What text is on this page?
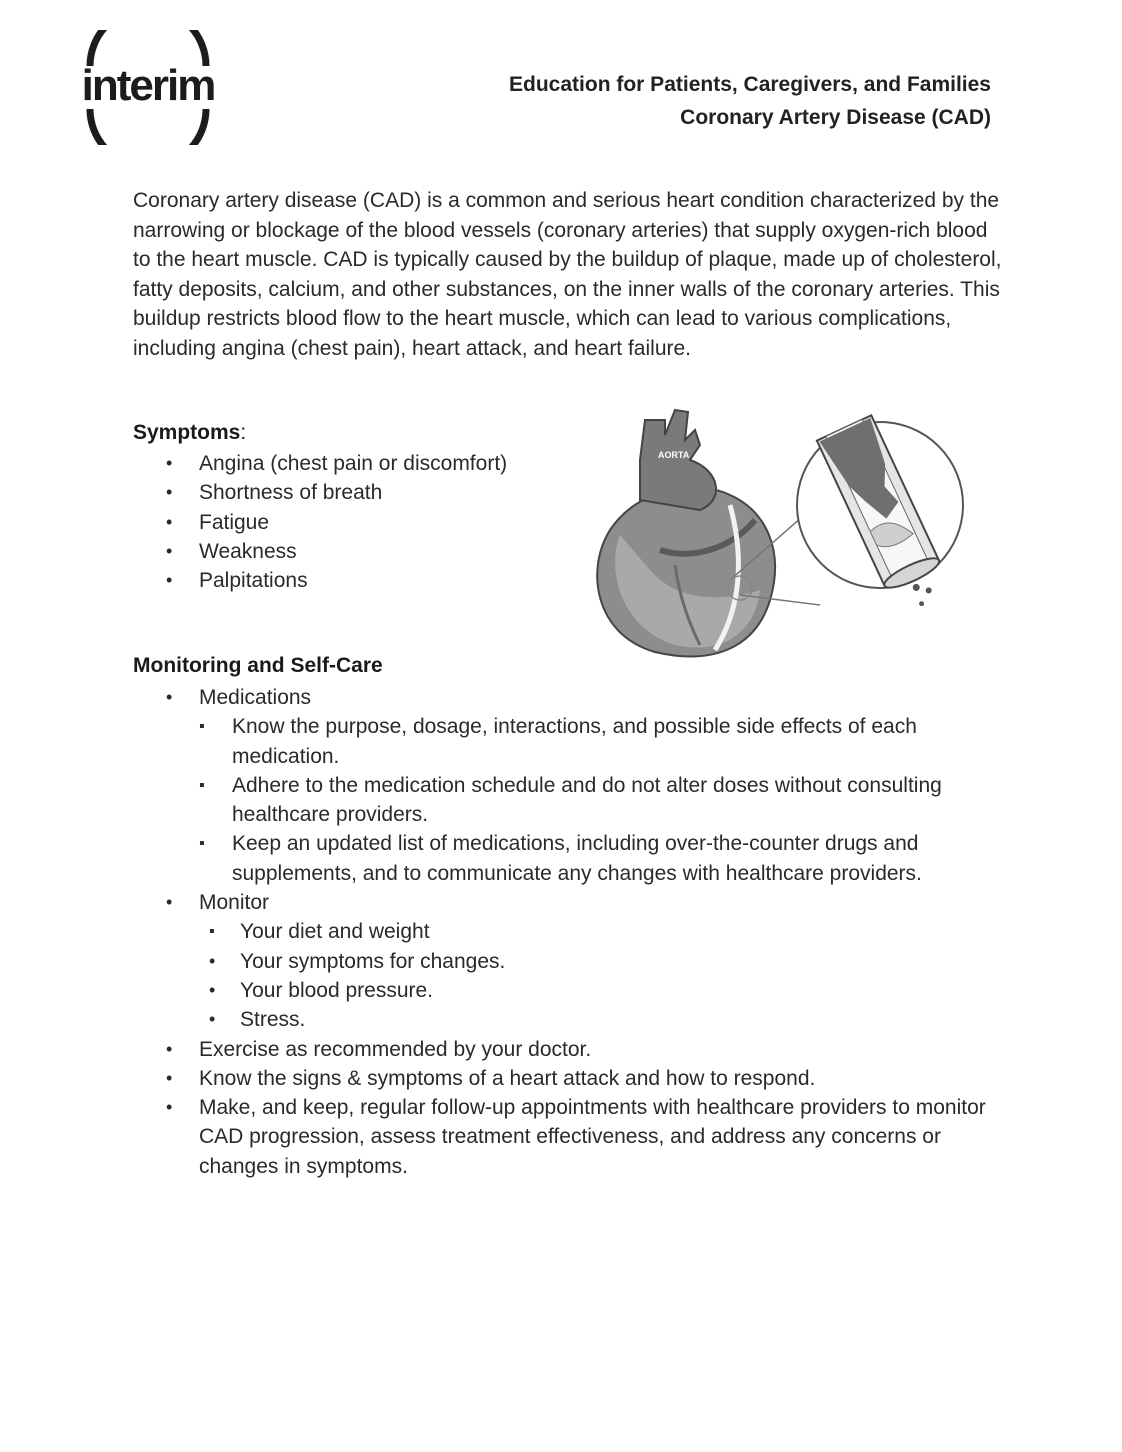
interim	Education for Patients, Caregivers, and Families
Coronary Artery Disease (CAD)

Coronary artery disease (CAD) is a common and serious heart condition characterized by the narrowing or blockage of the blood vessels (coronary arteries) that supply oxygen-rich blood to the heart muscle. CAD is typically caused by the buildup of plaque, made up of cholesterol, fatty deposits, calcium, and other substances, on the inner walls of the coronary arteries. This buildup restricts blood flow to the heart muscle, which can lead to various complications, including angina (chest pain), heart attack, and heart failure.

AORTA

Symptoms:

• Angina (chest pain or discomfort)
• Shortness of breath
• Fatigue
• Weakness
• Palpitations

Monitoring and Self-Care

• Medications
▪ Know the purpose, dosage, interactions, and possible side effects of each medication.
▪ Adhere to the medication schedule and do not alter doses without consulting healthcare providers.
▪ Keep an updated list of medications, including over-the-counter drugs and supplements, and to communicate any changes with healthcare providers.
• Monitor
▪ Your diet and weight
• Your symptoms for changes.
• Your blood pressure.
• Stress.
• Exercise as recommended by your doctor.
• Know the signs & symptoms of a heart attack and how to respond.
• Make, and keep, regular follow-up appointments with healthcare providers to monitor CAD progression, assess treatment effectiveness, and address any concerns or changes in symptoms.
